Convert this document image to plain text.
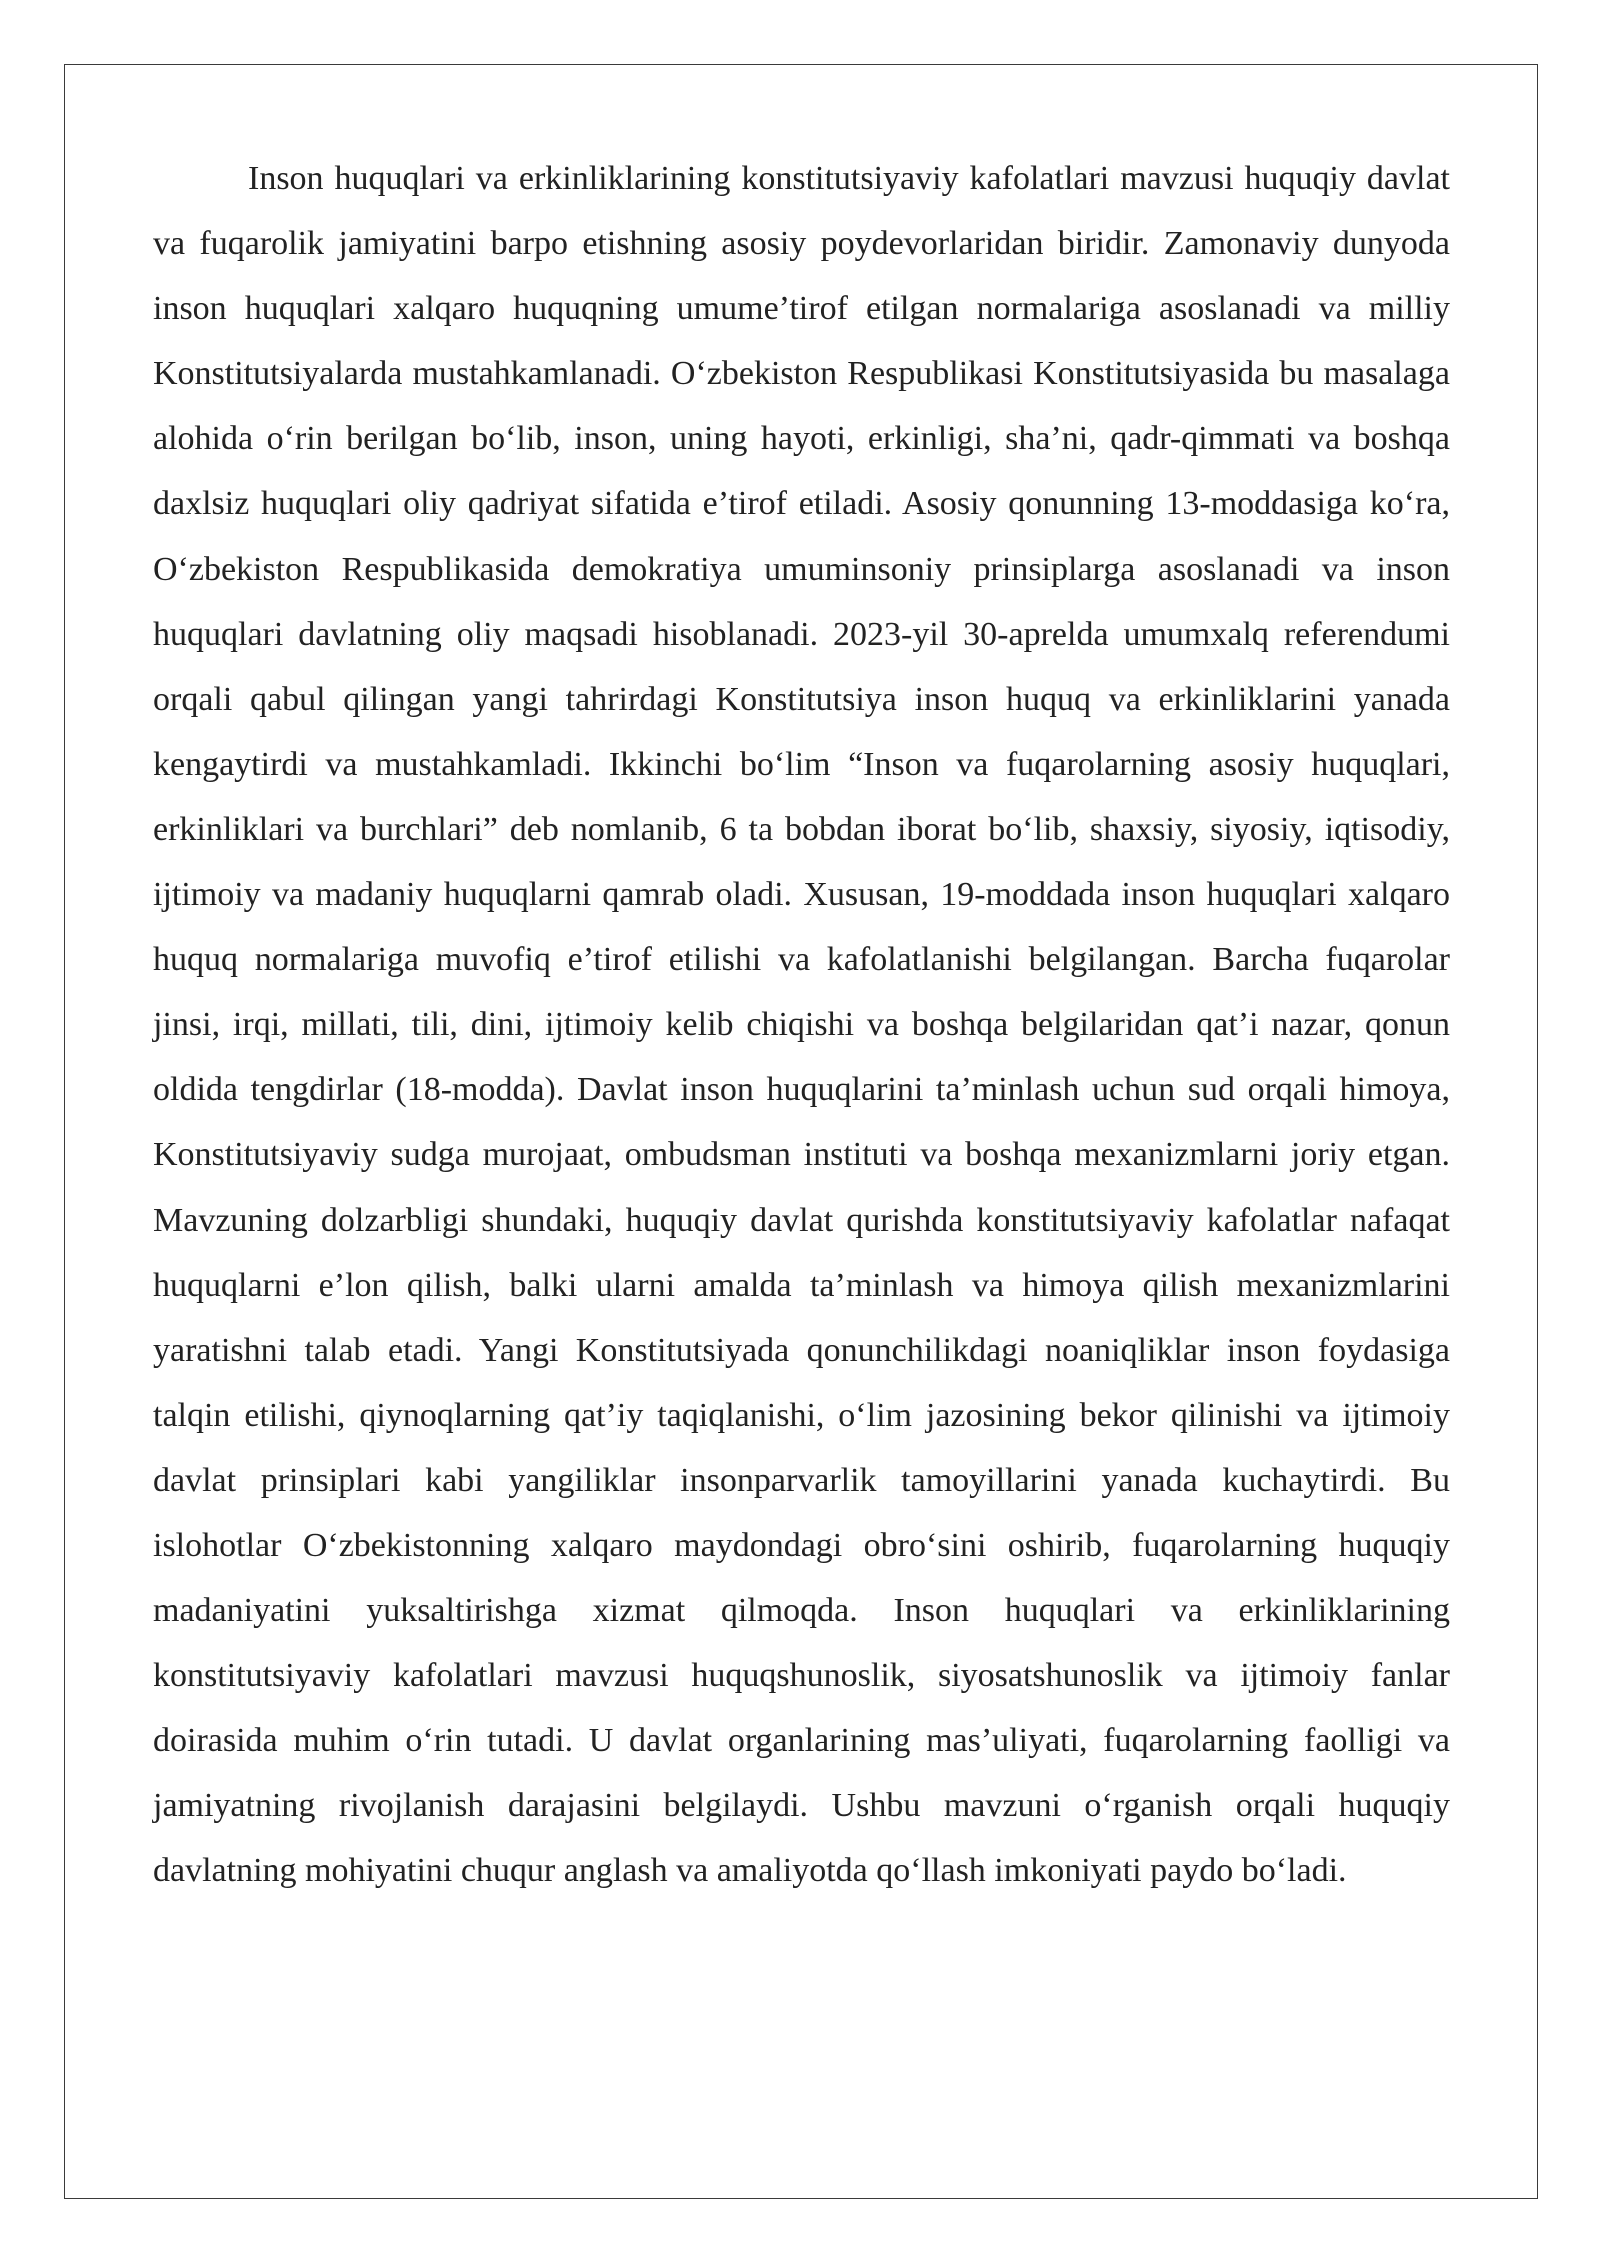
Inson huquqlari va erkinliklarining konstitutsiyaviy kafolatlari mavzusi huquqiy davlat va fuqarolik jamiyatini barpo etishning asosiy poydevorlaridan biridir. Zamonaviy dunyoda inson huquqlari xalqaro huquqning umume’tirof etilgan normalariga asoslanadi va milliy Konstitutsiyalarda mustahkamlanadi. O‘zbekiston Respublikasi Konstitutsiyasida bu masalaga alohida o‘rin berilgan bo‘lib, inson, uning hayoti, erkinligi, sha’ni, qadr-qimmati va boshqa daxlsiz huquqlari oliy qadriyat sifatida e’tirof etiladi. Asosiy qonunning 13-moddasiga ko‘ra, O‘zbekiston Respublikasida demokratiya umuminsoniy prinsiplarga asoslanadi va inson huquqlari davlatning oliy maqsadi hisoblanadi. 2023-yil 30-aprelda umumxalq referendumi orqali qabul qilingan yangi tahrirdagi Konstitutsiya inson huquq va erkinliklarini yanada kengaytirdi va mustahkamladi. Ikkinchi bo‘lim “Inson va fuqarolarning asosiy huquqlari, erkinliklari va burchlari” deb nomlanib, 6 ta bobdan iborat bo‘lib, shaxsiy, siyosiy, iqtisodiy, ijtimoiy va madaniy huquqlarni qamrab oladi. Xususan, 19-moddada inson huquqlari xalqaro huquq normalariga muvofiq e’tirof etilishi va kafolatlanishi belgilangan. Barcha fuqarolar jinsi, irqi, millati, tili, dini, ijtimoiy kelib chiqishi va boshqa belgilaridan qat’i nazar, qonun oldida tengdirlar (18-modda). Davlat inson huquqlarini ta’minlash uchun sud orqali himoya, Konstitutsiyaviy sudga murojaat, ombudsman instituti va boshqa mexanizmlarni joriy etgan. Mavzuning dolzarbligi shundaki, huquqiy davlat qurishda konstitutsiyaviy kafolatlar nafaqat huquqlarni e’lon qilish, balki ularni amalda ta’minlash va himoya qilish mexanizmlarini yaratishni talab etadi. Yangi Konstitutsiyada qonunchilikdagi noaniqliklar inson foydasiga talqin etilishi, qiynoqlarning qat’iy taqiqlanishi, o‘lim jazosining bekor qilinishi va ijtimoiy davlat prinsiplari kabi yangiliklar insonparvarlik tamoyillarini yanada kuchaytirdi. Bu islohotlar O‘zbekistonning xalqaro maydondagi obro‘sini oshirib, fuqarolarning huquqiy madaniyatini yuksaltirishga xizmat qilmoqda. Inson huquqlari va erkinliklarining konstitutsiyaviy kafolatlari mavzusi huquqshunoslik, siyosatshunoslik va ijtimoiy fanlar doirasida muhim o‘rin tutadi. U davlat organlarining mas’uliyati, fuqarolarning faolligi va jamiyatning rivojlanish darajasini belgilaydi. Ushbu mavzuni o‘rganish orqali huquqiy davlatning mohiyatini chuqur anglash va amaliyotda qo‘llash imkoniyati paydo bo‘ladi.
